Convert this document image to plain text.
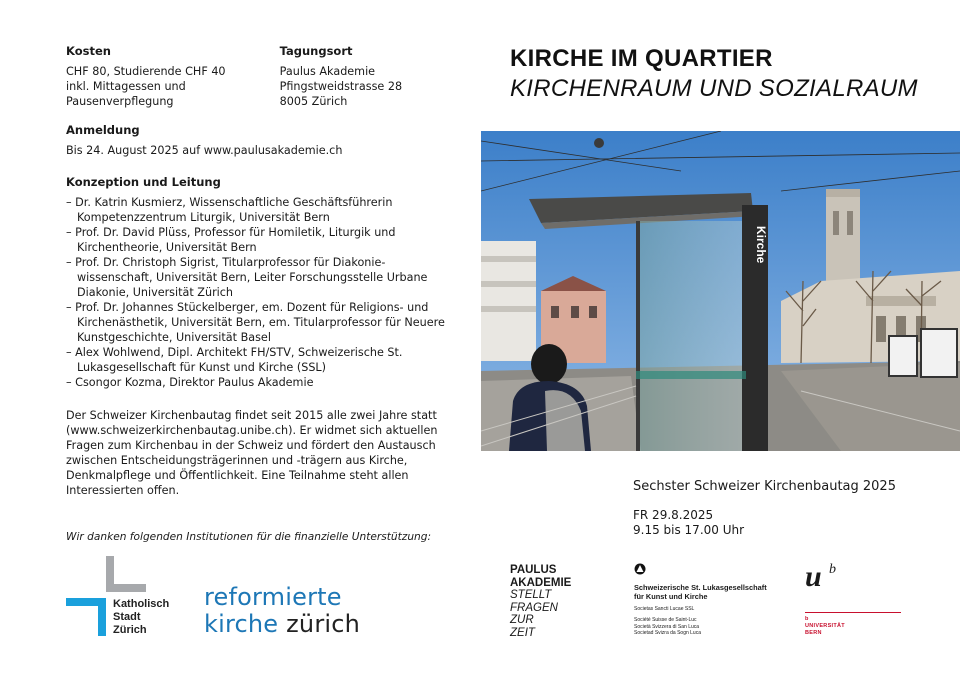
Kosten
CHF 80, Studierende CHF 40
inkl. Mittagessen und
Pausenverpflegung
Tagungsort
Paulus Akademie
Pfingstweidstrasse 28
8005 Zürich
Anmeldung
Bis 24. August 2025 auf www.paulusakademie.ch
Konzeption und Leitung
– Dr. Katrin Kusmierz, Wissenschaftliche Geschäftsführerin Kompetenzzentrum Liturgik, Universität Bern
– Prof. Dr. David Plüss, Professor für Homiletik, Liturgik und Kirchentheorie, Universität Bern
– Prof. Dr. Christoph Sigrist, Titularprofessor für Diakoniewissenschaft, Universität Bern, Leiter Forschungsstelle Urbane Diakonie, Universität Zürich
– Prof. Dr. Johannes Stückelberger, em. Dozent für Religions- und Kirchenästhetik, Universität Bern, em. Titularprofessor für Neuere Kunstgeschichte, Universität Basel
– Alex Wohlwend, Dipl. Architekt FH/STV, Schweizerische St. Lukasgesellschaft für Kunst und Kirche (SSL)
– Csongor Kozma, Direktor Paulus Akademie

Der Schweizer Kirchenbautag findet seit 2015 alle zwei Jahre statt (www.schweizerkirchenbautag.unibe.ch). Er widmet sich aktuellen Fragen zum Kirchenbau in der Schweiz und fördert den Austausch zwischen Entscheidungsträgerinnen und -trägern aus Kirche, Denkmalpflege und Öffentlichkeit. Eine Teilnahme steht allen Interessierten offen.

Wir danken folgenden Institutionen für die finanzielle Unterstützung:
Katholisch
Stadt
Zürich
reformierte
kirche zürich
KIRCHE IM QUARTIER
KIRCHENRAUM UND SOZIALRAUM
Kirche
Sechster Schweizer Kirchenbautag 2025
FR 29.8.2025
9.15 bis 17.00 Uhr
PAULUS
AKADEMIE
STELLT
FRAGEN
ZUR
ZEIT
Schweizerische St. Lukasgesellschaft
für Kunst und Kirche
Societas Sancti Lucae SSL
Société Suisse de Saint-Luc
Società Svizzera di San Luca
Societad Svizra da Sogn Luca
u b
b
UNIVERSITÄT
BERN
